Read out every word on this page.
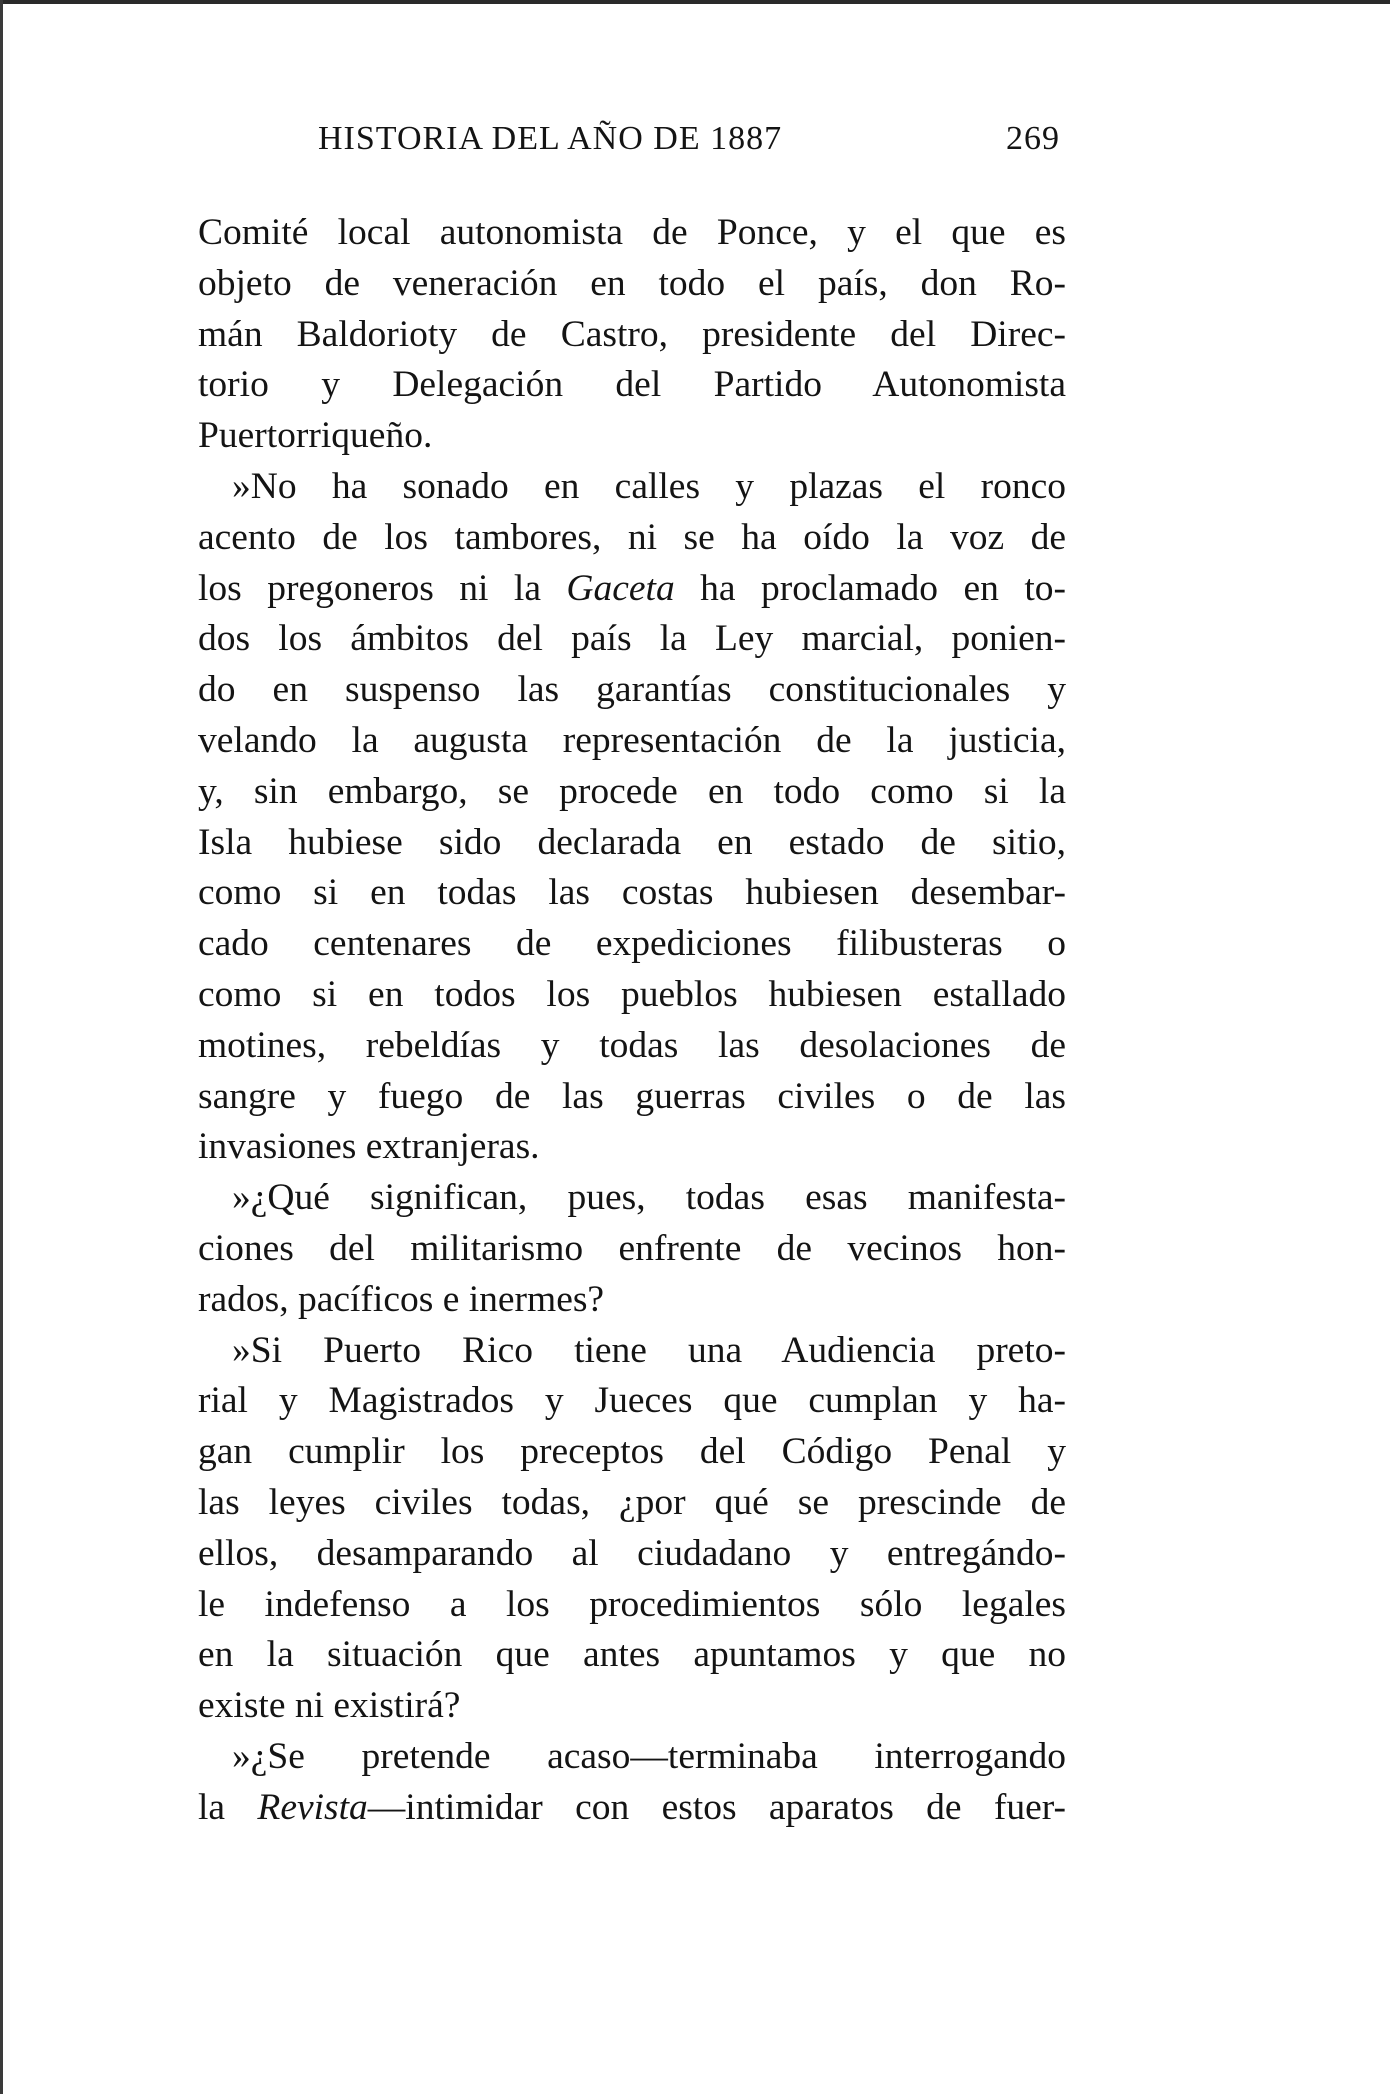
HISTORIA DEL AÑO DE 1887	269
Comité local autonomista de Ponce, y el que es
objeto de veneración en todo el país, don Ro-
mán Baldorioty de Castro, presidente del Direc-
torio y Delegación del Partido Autonomista
Puertorriqueño.
»No ha sonado en calles y plazas el ronco
acento de los tambores, ni se ha oído la voz de
los pregoneros ni la Gaceta ha proclamado en to-
dos los ámbitos del país la Ley marcial, ponien-
do en suspenso las garantías constitucionales y
velando la augusta representación de la justicia,
y, sin embargo, se procede en todo como si la
Isla hubiese sido declarada en estado de sitio,
como si en todas las costas hubiesen desembar-
cado centenares de expediciones filibusteras o
como si en todos los pueblos hubiesen estallado
motines, rebeldías y todas las desolaciones de
sangre y fuego de las guerras civiles o de las
invasiones extranjeras.
»¿Qué significan, pues, todas esas manifesta-
ciones del militarismo enfrente de vecinos hon-
rados, pacíficos e inermes?
»Si Puerto Rico tiene una Audiencia preto-
rial y Magistrados y Jueces que cumplan y ha-
gan cumplir los preceptos del Código Penal y
las leyes civiles todas, ¿por qué se prescinde de
ellos, desamparando al ciudadano y entregándo-
le indefenso a los procedimientos sólo legales
en la situación que antes apuntamos y que no
existe ni existirá?
»¿Se pretende acaso—terminaba interrogando
la Revista—intimidar con estos aparatos de fuer-
